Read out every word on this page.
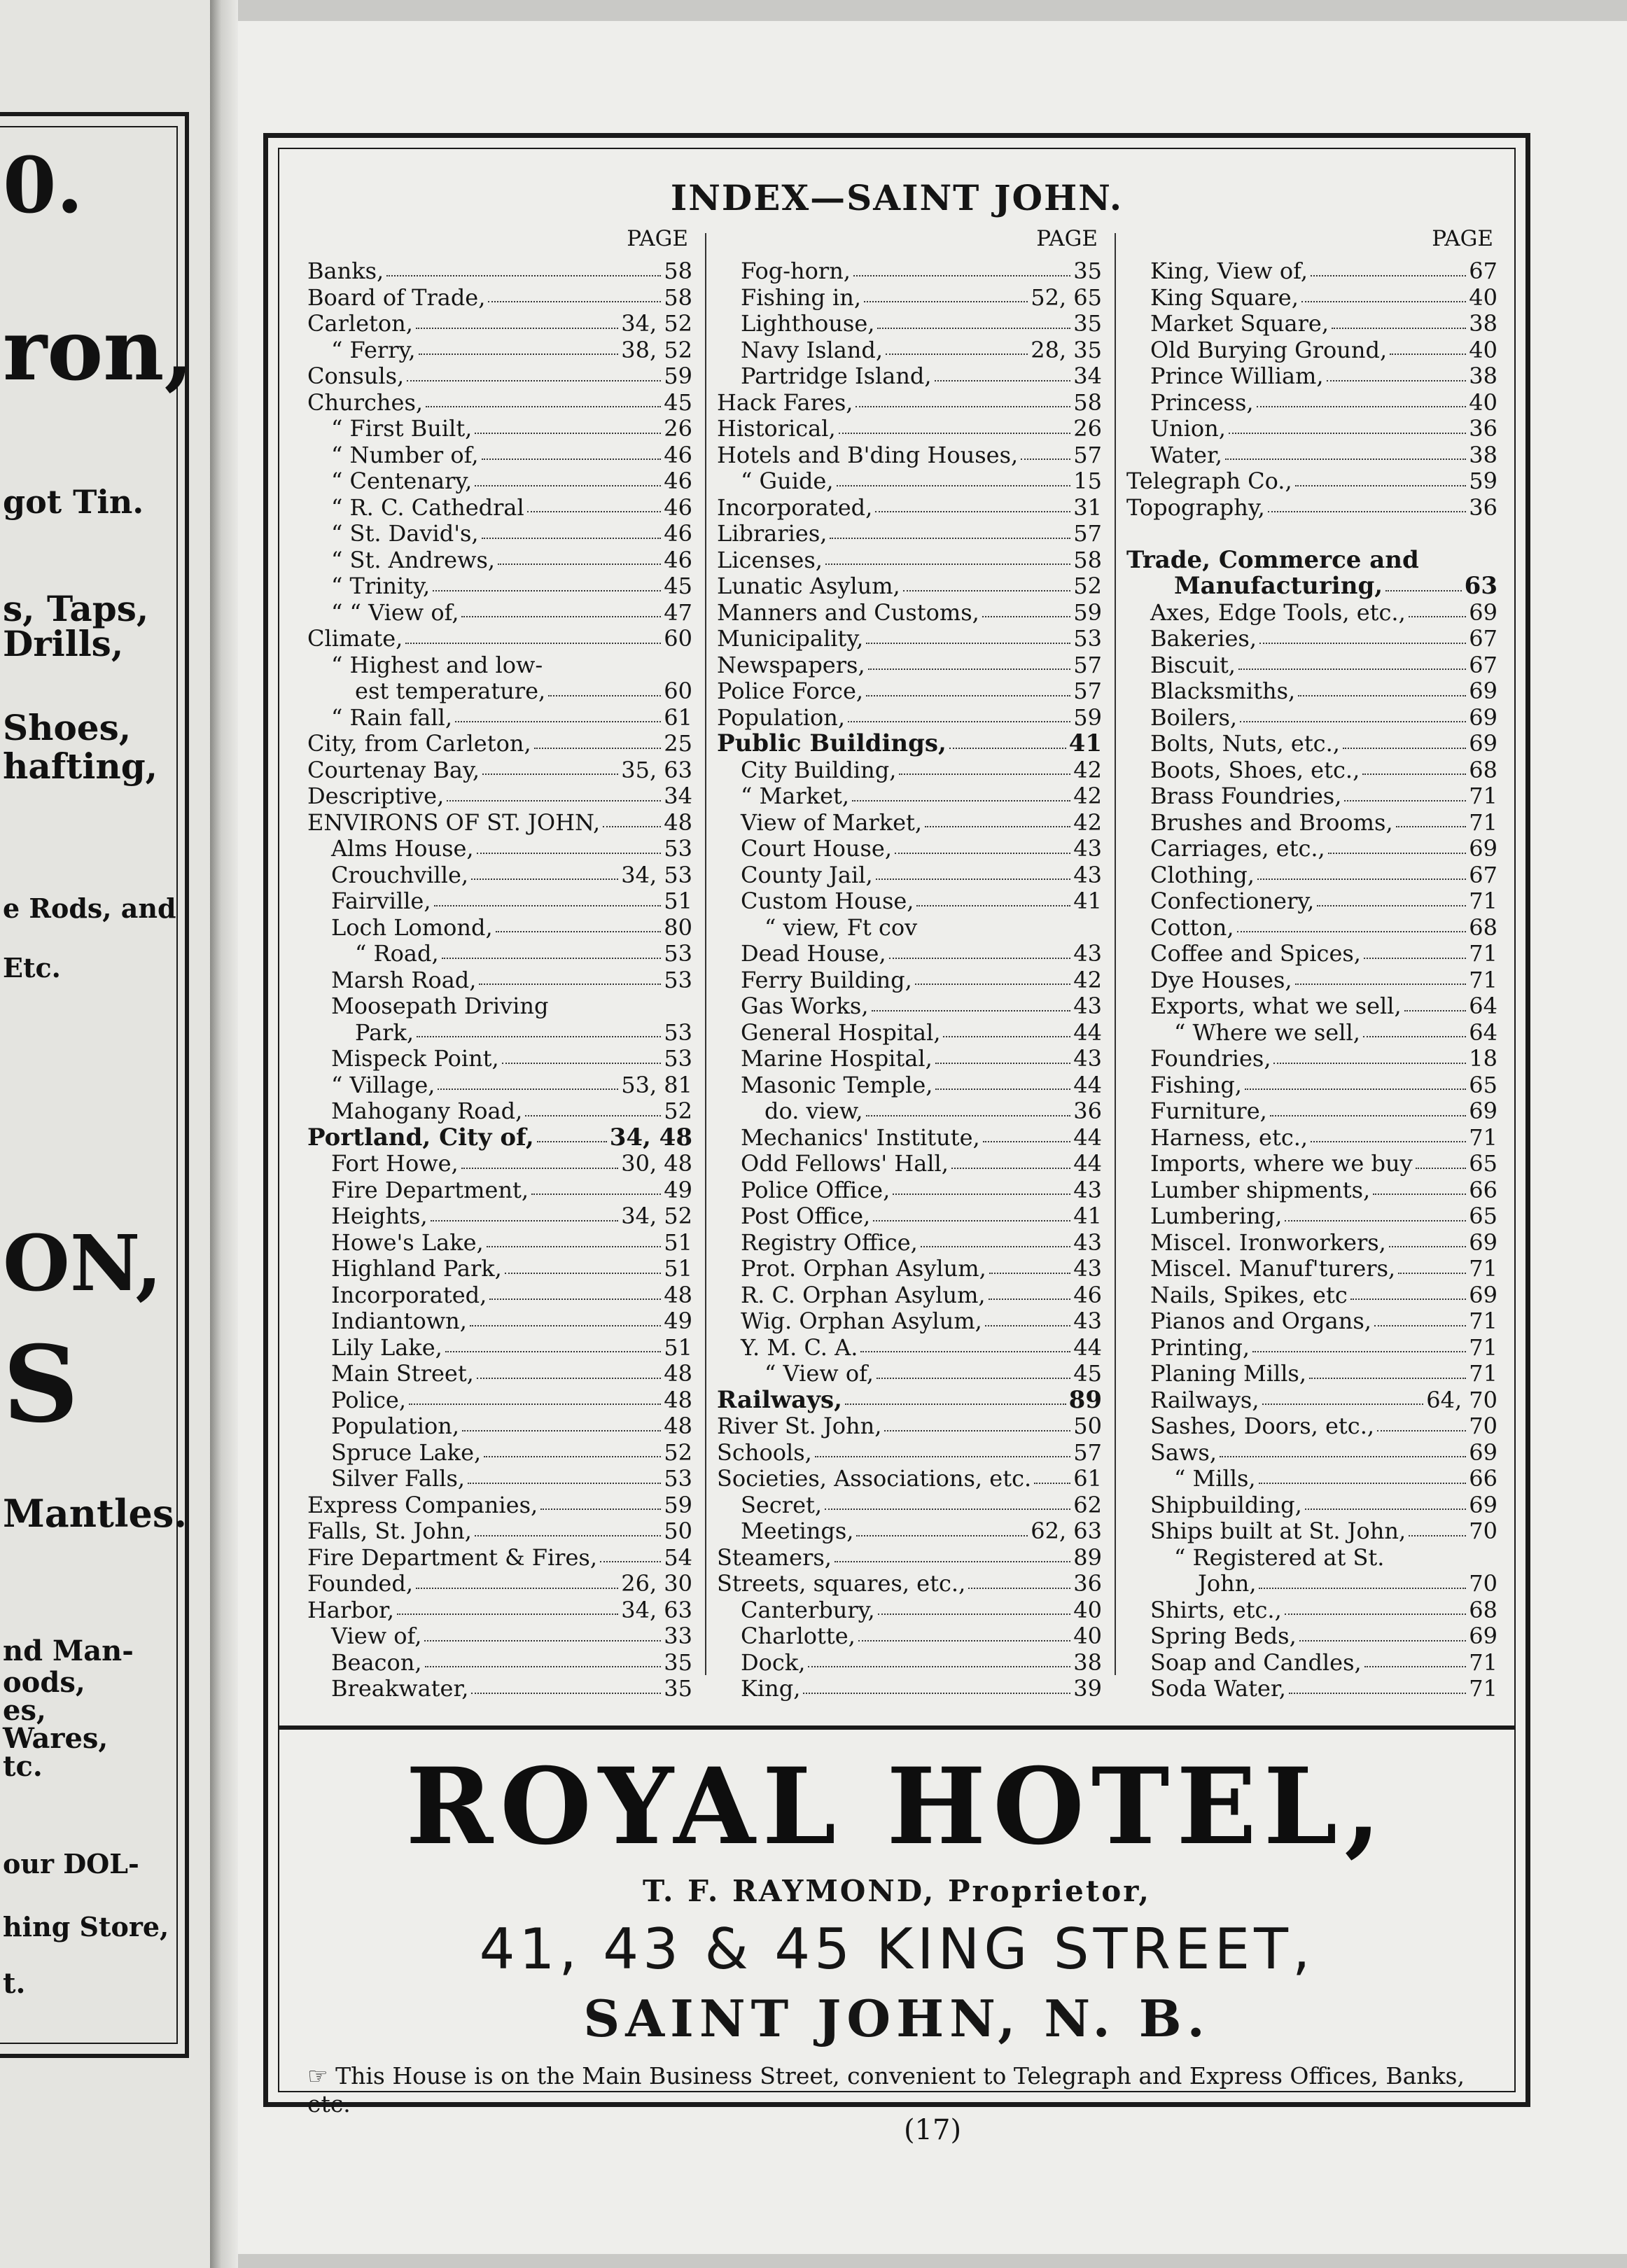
0.
ron,
got Tin.
s, Taps,
Drills,
Shoes,
hafting,
e Rods, and
Etc.
ON,
S
Mantles.
nd Man-
oods,
es,
Wares,
tc.
our DOL-
hing Store,
t.
INDEX—SAINT JOHN.
PAGE
Banks,	58
Board of Trade,	58
Carleton,	34, 52
“ Ferry,	38, 52
Consuls,	59
Churches,	45
“ First Built,	26
“ Number of,	46
“ Centenary,	46
“ R. C. Cathedral	46
“ St. David's,	46
“ St. Andrews,	46
“ Trinity,	45
“ “ View of,	47
Climate,	60
“ Highest and low-
est temperature,	60
“ Rain fall,	61
City, from Carleton,	25
Courtenay Bay,	35, 63
Descriptive,	34
ENVIRONS OF ST. JOHN,	48
Alms House,	53
Crouchville,	34, 53
Fairville,	51
Loch Lomond,	80
“ Road,	53
Marsh Road,	53
Moosepath Driving
Park,	53
Mispeck Point,	53
“ Village,	53, 81
Mahogany Road,	52
Portland, City of,	34, 48
Fort Howe,	30, 48
Fire Department,	49
Heights,	34, 52
Howe's Lake,	51
Highland Park,	51
Incorporated,	48
Indiantown,	49
Lily Lake,	51
Main Street,	48
Police,	48
Population,	48
Spruce Lake,	52
Silver Falls,	53
Express Companies,	59
Falls, St. John,	50
Fire Department & Fires,	54
Founded,	26, 30
Harbor,	34, 63
View of,	33
Beacon,	35
Breakwater,	35
PAGE
Fog-horn,	35
Fishing in,	52, 65
Lighthouse,	35
Navy Island,	28, 35
Partridge Island,	34
Hack Fares,	58
Historical,	26
Hotels and B'ding Houses, 57
“ Guide,	15
Incorporated,	31
Libraries,	57
Licenses,	58
Lunatic Asylum,	52
Manners and Customs,	59
Municipality,	53
Newspapers,	57
Police Force,	57
Population,	59
Public Buildings,	41
City Building,	42
“ Market,	42
View of Market,	42
Court House,	43
County Jail,	43
Custom House,	41
“ view, Ft cov
Dead House,	43
Ferry Building,	42
Gas Works,	43
General Hospital,	44
Marine Hospital,	43
Masonic Temple,	44
do. view,	36
Mechanics' Institute,	44
Odd Fellows' Hall,	44
Police Office,	43
Post Office,	41
Registry Office,	43
Prot. Orphan Asylum,	43
R. C. Orphan Asylum,	46
Wig. Orphan Asylum,	43
Y. M. C. A.	44
“ View of,	45
Railways,	89
River St. John,	50
Schools,	57
Societies, Associations, etc. 61
Secret,	62
Meetings,	62, 63
Steamers,	89
Streets, squares, etc.,	36
Canterbury,	40
Charlotte,	40
Dock,	38
King,	39
PAGE
King, View of,	67
King Square,	40
Market Square,	38
Old Burying Ground,	40
Prince William,	38
Princess,	40
Union,	36
Water,	38
Telegraph Co.,	59
Topography,	36
Trade, Commerce and
Manufacturing,	63
Axes, Edge Tools, etc.,	69
Bakeries,	67
Biscuit,	67
Blacksmiths,	69
Boilers,	69
Bolts, Nuts, etc.,	69
Boots, Shoes, etc.,	68
Brass Foundries,	71
Brushes and Brooms,	71
Carriages, etc.,	69
Clothing,	67
Confectionery,	71
Cotton,	68
Coffee and Spices,	71
Dye Houses,	71
Exports, what we sell,	64
“ Where we sell,	64
Foundries,	18
Fishing,	65
Furniture,	69
Harness, etc.,	71
Imports, where we buy	65
Lumber shipments,	66
Lumbering,	65
Miscel. Ironworkers,	69
Miscel. Manuf'turers,	71
Nails, Spikes, etc	69
Pianos and Organs,	71
Printing,	71
Planing Mills,	71
Railways,	64, 70
Sashes, Doors, etc.,	70
Saws,	69
“ Mills,	66
Shipbuilding,	69
Ships built at St. John,	70
“ Registered at St.
John,	70
Shirts, etc.,	68
Spring Beds,	69
Soap and Candles,	71
Soda Water,	71
ROYAL HOTEL,
T. F. RAYMOND, Proprietor,
41, 43 & 45 KING STREET,
SAINT JOHN, N. B.
☞ This House is on the Main Business Street, convenient to Telegraph and Express Offices, Banks, etc.
(17)
